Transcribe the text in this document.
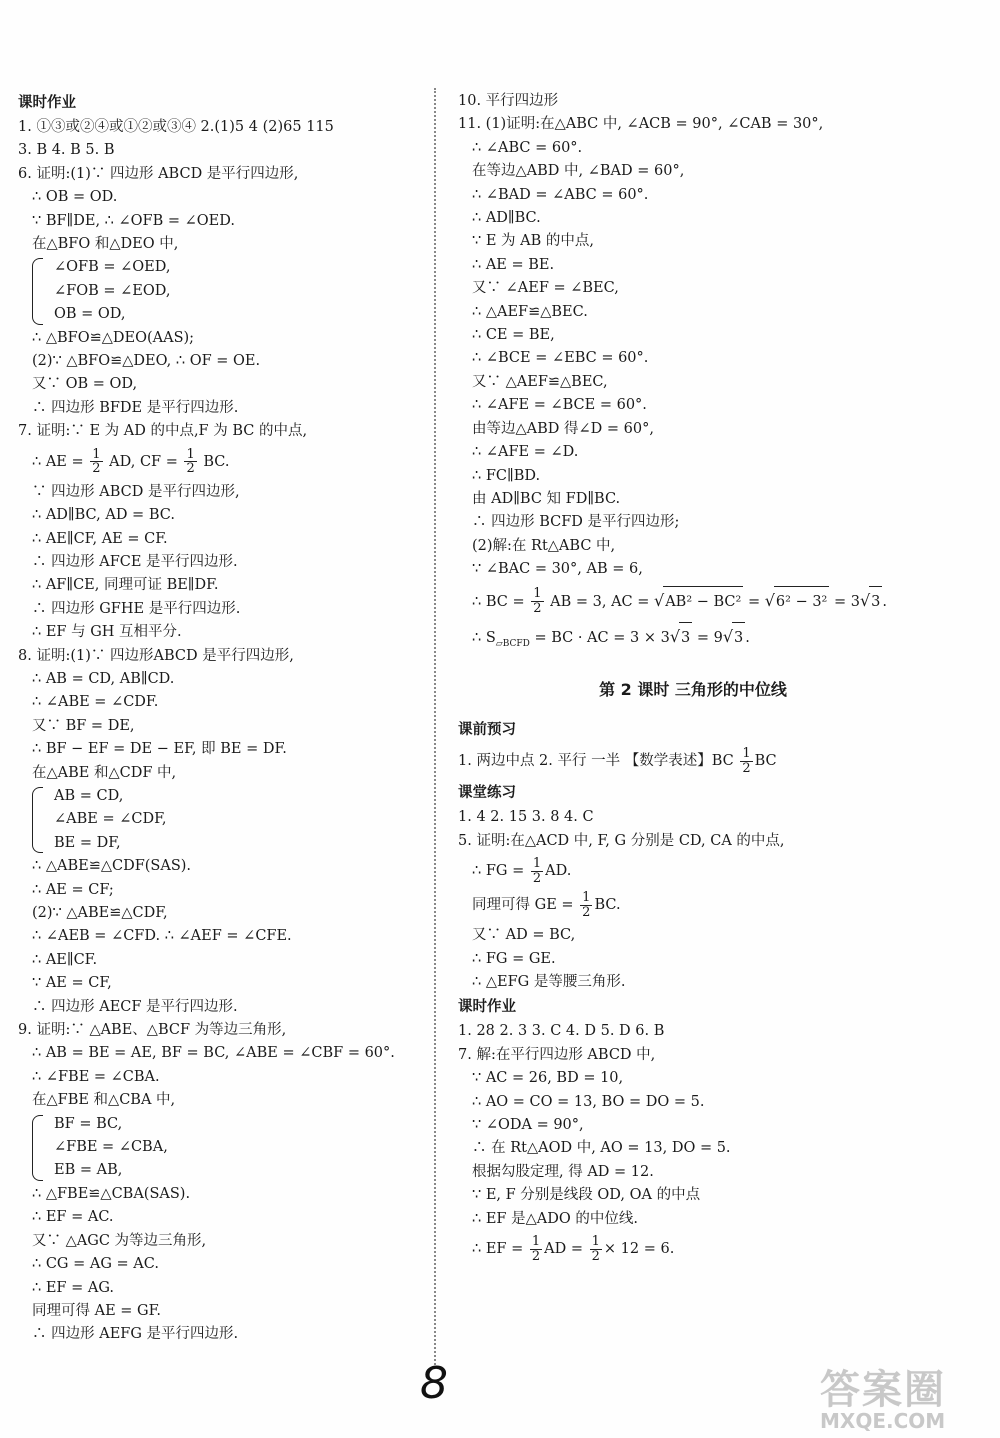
课时作业
1. ①③或②④或①②或③④ 2.(1)5 4 (2)65 115
3. B 4. B 5. B
6. 证明:(1)∵ 四边形 ABCD 是平行四边形,
∴ OB = OD.
∵ BF∥DE, ∴ ∠OFB = ∠OED.
在△BFO 和△DEO 中,
∠OFB = ∠OED,
∠FOB = ∠EOD,
OB = OD,
∴ △BFO≌△DEO(AAS);
(2)∵ △BFO≌△DEO, ∴ OF = OE.
又∵ OB = OD,
∴ 四边形 BFDE 是平行四边形.
7. 证明:∵ E 为 AD 的中点,F 为 BC 的中点,
∴ AE = $\frac{1}{2}$ AD, CF = $\frac{1}{2}$ BC.
∵ 四边形 ABCD 是平行四边形,
∴ AD∥BC, AD = BC.
∴ AE∥CF, AE = CF.
∴ 四边形 AFCE 是平行四边形.
∴ AF∥CE, 同理可证 BE∥DF.
∴ 四边形 GFHE 是平行四边形.
∴ EF 与 GH 互相平分.
8. 证明:(1)∵ 四边形ABCD 是平行四边形,
∴ AB = CD, AB∥CD.
∴ ∠ABE = ∠CDF.
又∵ BF = DE,
∴ BF − EF = DE − EF, 即 BE = DF.
在△ABE 和△CDF 中,
AB = CD,
∠ABE = ∠CDF,
BE = DF,
∴ △ABE≌△CDF(SAS).
∴ AE = CF;
(2)∵ △ABE≌△CDF,
∴ ∠AEB = ∠CFD. ∴ ∠AEF = ∠CFE.
∴ AE∥CF.
∵ AE = CF,
∴ 四边形 AECF 是平行四边形.
9. 证明:∵ △ABE、△BCF 为等边三角形,
∴ AB = BE = AE, BF = BC, ∠ABE = ∠CBF = 60°.
∴ ∠FBE = ∠CBA.
在△FBE 和△CBA 中,
BF = BC,
∠FBE = ∠CBA,
EB = AB,
∴ △FBE≌△CBA(SAS).
∴ EF = AC.
又∵ △AGC 为等边三角形,
∴ CG = AG = AC.
∴ EF = AG.
同理可得 AE = GF.
∴ 四边形 AEFG 是平行四边形.
10. 平行四边形
11. (1)证明:在△ABC 中, ∠ACB = 90°, ∠CAB = 30°,
∴ ∠ABC = 60°.
在等边△ABD 中, ∠BAD = 60°,
∴ ∠BAD = ∠ABC = 60°.
∴ AD∥BC.
∵ E 为 AB 的中点,
∴ AE = BE.
又∵ ∠AEF = ∠BEC,
∴ △AEF≌△BEC.
∴ CE = BE,
∴ ∠BCE = ∠EBC = 60°.
又∵ △AEF≌△BEC,
∴ ∠AFE = ∠BCE = 60°.
由等边△ABD 得∠D = 60°,
∴ ∠AFE = ∠D.
∴ FC∥BD.
由 AD∥BC 知 FD∥BC.
∴ 四边形 BCFD 是平行四边形;
(2)解:在 Rt△ABC 中,
∵ ∠BAC = 30°, AB = 6,
∴ BC = $\frac{1}{2}$ AB = 3, AC = √AB² − BC² = √6² − 3² = 3√3 .
∴ $S_{▱BCFD}$ = BC · AC = 3 × 3√3 = 9√3 .
第 2 课时 三角形的中位线
课前预习
1. 两边中点 2. 平行 一半 【数学表述】BC $\frac{1}{2}$ BC
课堂练习
1. 4 2. 15 3. 8 4. C
5. 证明:在△ACD 中, F, G 分别是 CD, CA 的中点,
∴ FG = $\frac{1}{2}$ AD.
同理可得 GE = $\frac{1}{2}$ BC.
又∵ AD = BC,
∴ FG = GE.
∴ △EFG 是等腰三角形.
课时作业
1. 28 2. 3 3. C 4. D 5. D 6. B
7. 解:在平行四边形 ABCD 中,
∵ AC = 26, BD = 10,
∴ AO = CO = 13, BO = DO = 5.
∵ ∠ODA = 90°,
∴ 在 Rt△AOD 中, AO = 13, DO = 5.
根据勾股定理, 得 AD = 12.
∵ E, F 分别是线段 OD, OA 的中点
∴ EF 是△ADO 的中位线.
∴ EF = $\frac{1}{2}$ AD = $\frac{1}{2} \times 12 = 6$.
8	答案圈
MXQE.COM
